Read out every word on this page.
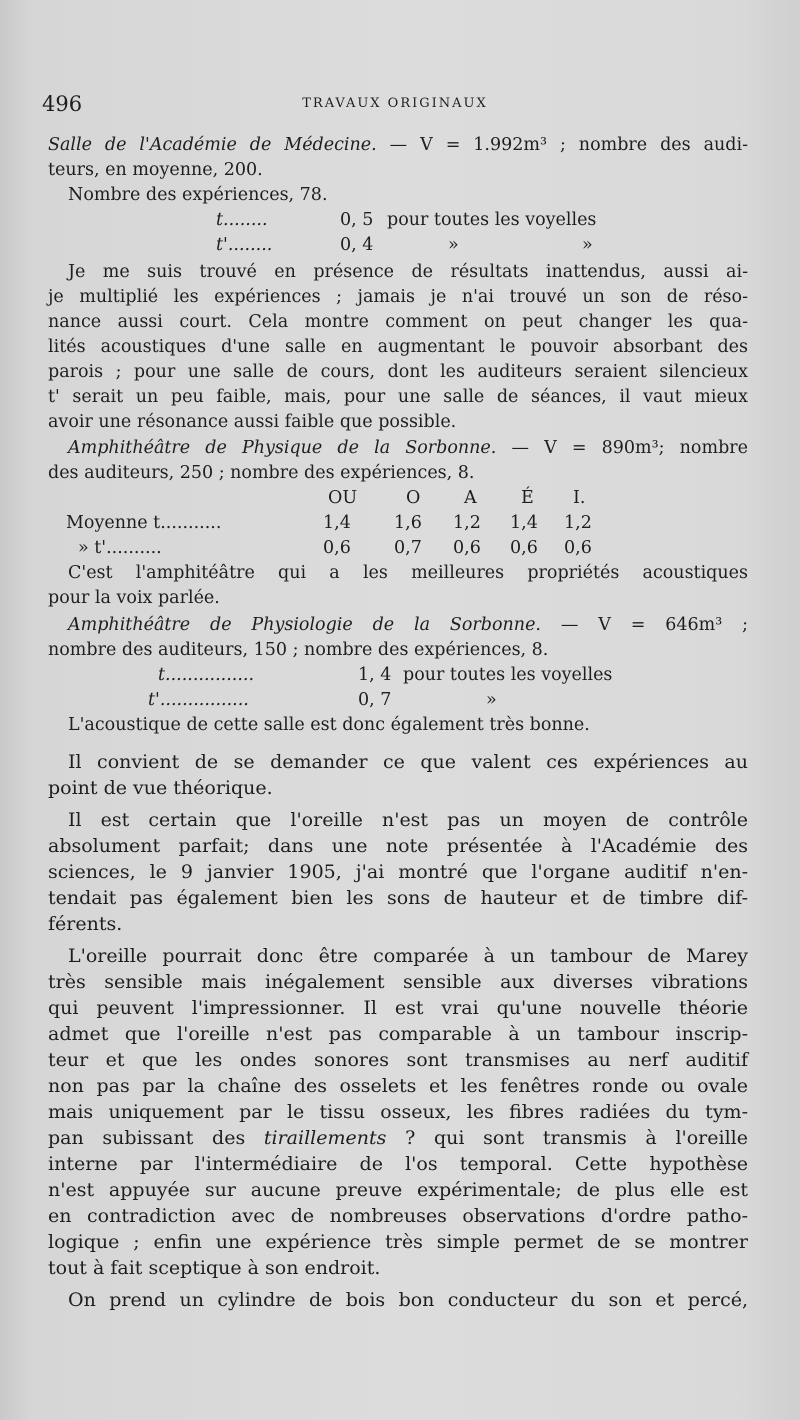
496	TRAVAUX ORIGINAUX

Salle de l'Académie de Médecine. — V = 1.992m³ ; nombre des audi-

teurs, en moyenne, 200.

Nombre des expériences, 78.

t........	0, 5 pour toutes les voyelles
t'........	0, 4	»	»

Je me suis trouvé en présence de résultats inattendus, aussi ai-

je multiplié les expériences ; jamais je n'ai trouvé un son de réso-

nance aussi court. Cela montre comment on peut changer les qua-

lités acoustiques d'une salle en augmentant le pouvoir absorbant des

parois ; pour une salle de cours, dont les auditeurs seraient silencieux

t' serait un peu faible, mais, pour une salle de séances, il vaut mieux

avoir une résonance aussi faible que possible.

Amphithéâtre de Physique de la Sorbonne. — V = 890m³; nombre

des auditeurs, 250 ; nombre des expériences, 8.

OU	O A	É I.
Moyenne t...........	1,4 1,6 1,2 1,4 1,2
» t'..........	0,6 0,7 0,6 0,6 0,6

C'est l'amphitéâtre qui a les meilleures propriétés acoustiques

pour la voix parlée.

Amphithéâtre de Physiologie de la Sorbonne. — V = 646m³ ;

nombre des auditeurs, 150 ; nombre des expériences, 8.

t................	1, 4 pour toutes les voyelles
t'................	0, 7	»

L'acoustique de cette salle est donc également très bonne.

Il convient de se demander ce que valent ces expériences au

point de vue théorique.

Il est certain que l'oreille n'est pas un moyen de contrôle

absolument parfait; dans une note présentée à l'Académie des

sciences, le 9 janvier 1905, j'ai montré que l'organe auditif n'en-

tendait pas également bien les sons de hauteur et de timbre dif-

férents.

L'oreille pourrait donc être comparée à un tambour de Marey

très sensible mais inégalement sensible aux diverses vibrations

qui peuvent l'impressionner. Il est vrai qu'une nouvelle théorie

admet que l'oreille n'est pas comparable à un tambour inscrip-

teur et que les ondes sonores sont transmises au nerf auditif

non pas par la chaîne des osselets et les fenêtres ronde ou ovale

mais uniquement par le tissu osseux, les fibres radiées du tym-

pan subissant des tiraillements ? qui sont transmis à l'oreille

interne par l'intermédiaire de l'os temporal. Cette hypothèse

n'est appuyée sur aucune preuve expérimentale; de plus elle est

en contradiction avec de nombreuses observations d'ordre patho-

logique ; enfin une expérience très simple permet de se montrer

tout à fait sceptique à son endroit.

On prend un cylindre de bois bon conducteur du son et percé,
